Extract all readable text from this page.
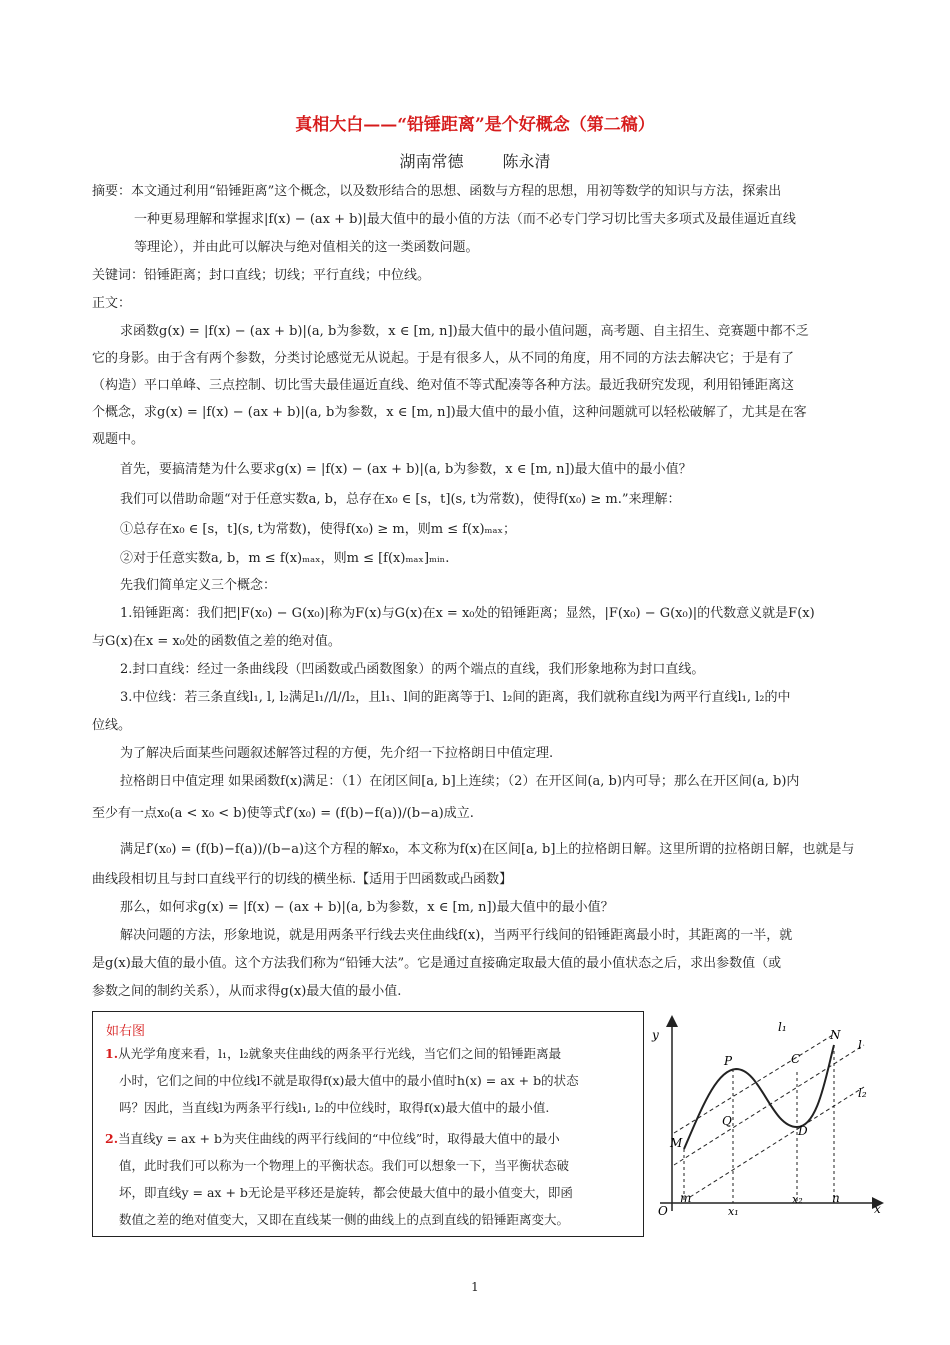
真相大白——“铅锤距离”是个好概念（第二稿）
湖南常德 陈永清
摘要：本文通过利用“铅锤距离”这个概念，以及数形结合的思想、函数与方程的思想，用初等数学的知识与方法，探索出
一种更易理解和掌握求|f(x) − (ax + b)|最大值中的最小值的方法（而不必专门学习切比雪夫多项式及最佳逼近直线
等理论），并由此可以解决与绝对值相关的这一类函数问题。
关键词：铅锤距离；封口直线；切线；平行直线；中位线。
正文：
求函数g(x) = |f(x) − (ax + b)|(a, b为参数，x ∈ [m, n])最大值中的最小值问题，高考题、自主招生、竞赛题中都不乏
它的身影。由于含有两个参数，分类讨论感觉无从说起。于是有很多人，从不同的角度，用不同的方法去解决它；于是有了
（构造）平口单峰、三点控制、切比雪夫最佳逼近直线、绝对值不等式配凑等各种方法。最近我研究发现，利用铅锤距离这
个概念，求g(x) = |f(x) − (ax + b)|(a, b为参数，x ∈ [m, n])最大值中的最小值，这种问题就可以轻松破解了，尤其是在客
观题中。
首先，要搞清楚为什么要求g(x) = |f(x) − (ax + b)|(a, b为参数，x ∈ [m, n])最大值中的最小值？
我们可以借助命题“对于任意实数a, b，总存在x₀ ∈ [s，t](s, t为常数)，使得f(x₀) ≥ m.”来理解：
①总存在x₀ ∈ [s，t](s, t为常数)，使得f(x₀) ≥ m，则m ≤ f(x)ₘₐₓ；
②对于任意实数a, b，m ≤ f(x)ₘₐₓ，则m ≤ [f(x)ₘₐₓ]ₘᵢₙ.
先我们简单定义三个概念：
1.铅锤距离：我们把|F(x₀) − G(x₀)|称为F(x)与G(x)在x = x₀处的铅锤距离；显然，|F(x₀) − G(x₀)|的代数意义就是F(x)
与G(x)在x = x₀处的函数值之差的绝对值。
2.封口直线：经过一条曲线段（凹函数或凸函数图象）的两个端点的直线，我们形象地称为封口直线。
3.中位线：若三条直线l₁, l, l₂满足l₁//l//l₂，且l₁、l间的距离等于l、l₂间的距离，我们就称直线l为两平行直线l₁, l₂的中
位线。
为了解决后面某些问题叙述解答过程的方便，先介绍一下拉格朗日中值定理.
拉格朗日中值定理 如果函数f(x)满足：（1）在闭区间[a, b]上连续；（2）在开区间(a, b)内可导；那么在开区间(a, b)内
至少有一点x₀(a < x₀ < b)使等式f′(x₀) = (f(b)−f(a))/(b−a)成立.
满足f′(x₀) = (f(b)−f(a))/(b−a)这个方程的解x₀，本文称为f(x)在区间[a, b]上的拉格朗日解。这里所谓的拉格朗日解，也就是与
曲线段相切且与封口直线平行的切线的横坐标.【适用于凹函数或凸函数】
那么，如何求g(x) = |f(x) − (ax + b)|(a, b为参数，x ∈ [m, n])最大值中的最小值？
解决问题的方法，形象地说，就是用两条平行线去夹住曲线f(x)，当两平行线间的铅锤距离最小时，其距离的一半，就
是g(x)最大值的最小值。这个方法我们称为“铅锤大法”。它是通过直接确定取最大值的最小值状态之后，求出参数值（或
参数之间的制约关系），从而求得g(x)最大值的最小值.
如右图
1.从光学角度来看，l₁，l₂就象夹住曲线的两条平行光线，当它们之间的铅锤距离最
小时，它们之间的中位线l不就是取得f(x)最大值中的最小值时h(x) = ax + b的状态
吗？因此，当直线l为两条平行线l₁, l₂的中位线时，取得f(x)最大值中的最小值.
2.当直线y = ax + b为夹住曲线的两平行线间的“中位线”时，取得最大值中的最小
值，此时我们可以称为一个物理上的平衡状态。我们可以想象一下，当平衡状态破
坏，即直线y = ax + b无论是平移还是旋转，都会使最大值中的最小值变大，即函
数值之差的绝对值变大，又即在直线某一侧的曲线上的点到直线的铅锤距离变大。
y
x
O
l₁
l
l₂
N
P	C
Q
M
D
m
x₁
x₂ n
1
